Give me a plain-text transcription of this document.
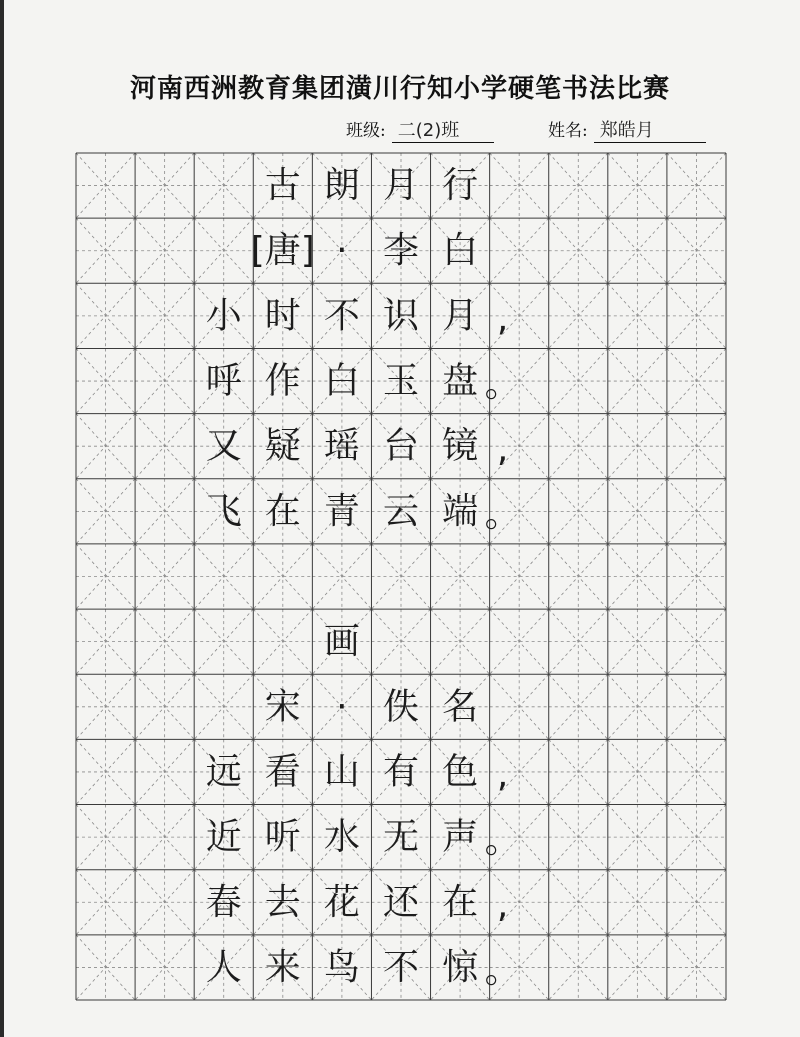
河南西洲教育集团潢川行知小学硬笔书法比赛
班级: 二(2)班	姓名: 郑皓月
古 朗 月 行
[唐] · 李 白
小 时 不 识 月 ,
呼 作 白 玉 盘 。
又 疑 瑶 台 镜 ,
飞 在 青 云 端 。
画
宋 · 佚 名
远 看 山 有 色 ,
近 听 水 无 声 。
春 去 花 还 在 ,
人 来 鸟 不 惊 。
